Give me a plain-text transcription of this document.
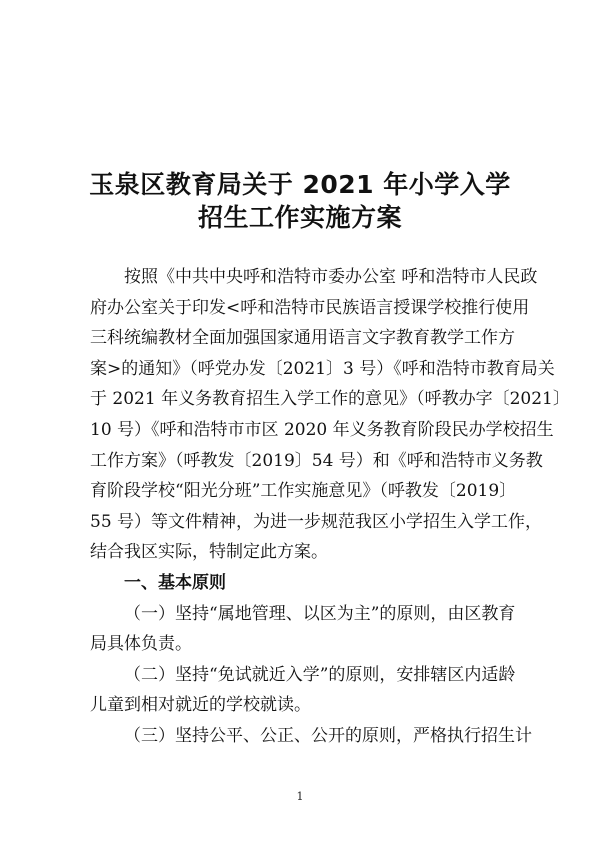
玉泉区教育局关于 2021 年小学入学
招生工作实施方案
按照《中共中央呼和浩特市委办公室 呼和浩特市人民政
府办公室关于印发<呼和浩特市民族语言授课学校推行使用
三科统编教材全面加强国家通用语言文字教育教学工作方
案>的通知》（呼党办发〔2021〕3 号）《呼和浩特市教育局关
于 2021 年义务教育招生入学工作的意见》（呼教办字〔2021〕
10 号）《呼和浩特市市区 2020 年义务教育阶段民办学校招生
工作方案》（呼教发〔2019〕54 号）和《呼和浩特市义务教
育阶段学校“阳光分班”工作实施意见》（呼教发〔2019〕
55 号）等文件精神，为进一步规范我区小学招生入学工作，
结合我区实际，特制定此方案。
一、基本原则
（一）坚持“属地管理、以区为主”的原则，由区教育
局具体负责。
（二）坚持“免试就近入学”的原则，安排辖区内适龄
儿童到相对就近的学校就读。
（三）坚持公平、公正、公开的原则，严格执行招生计
1
